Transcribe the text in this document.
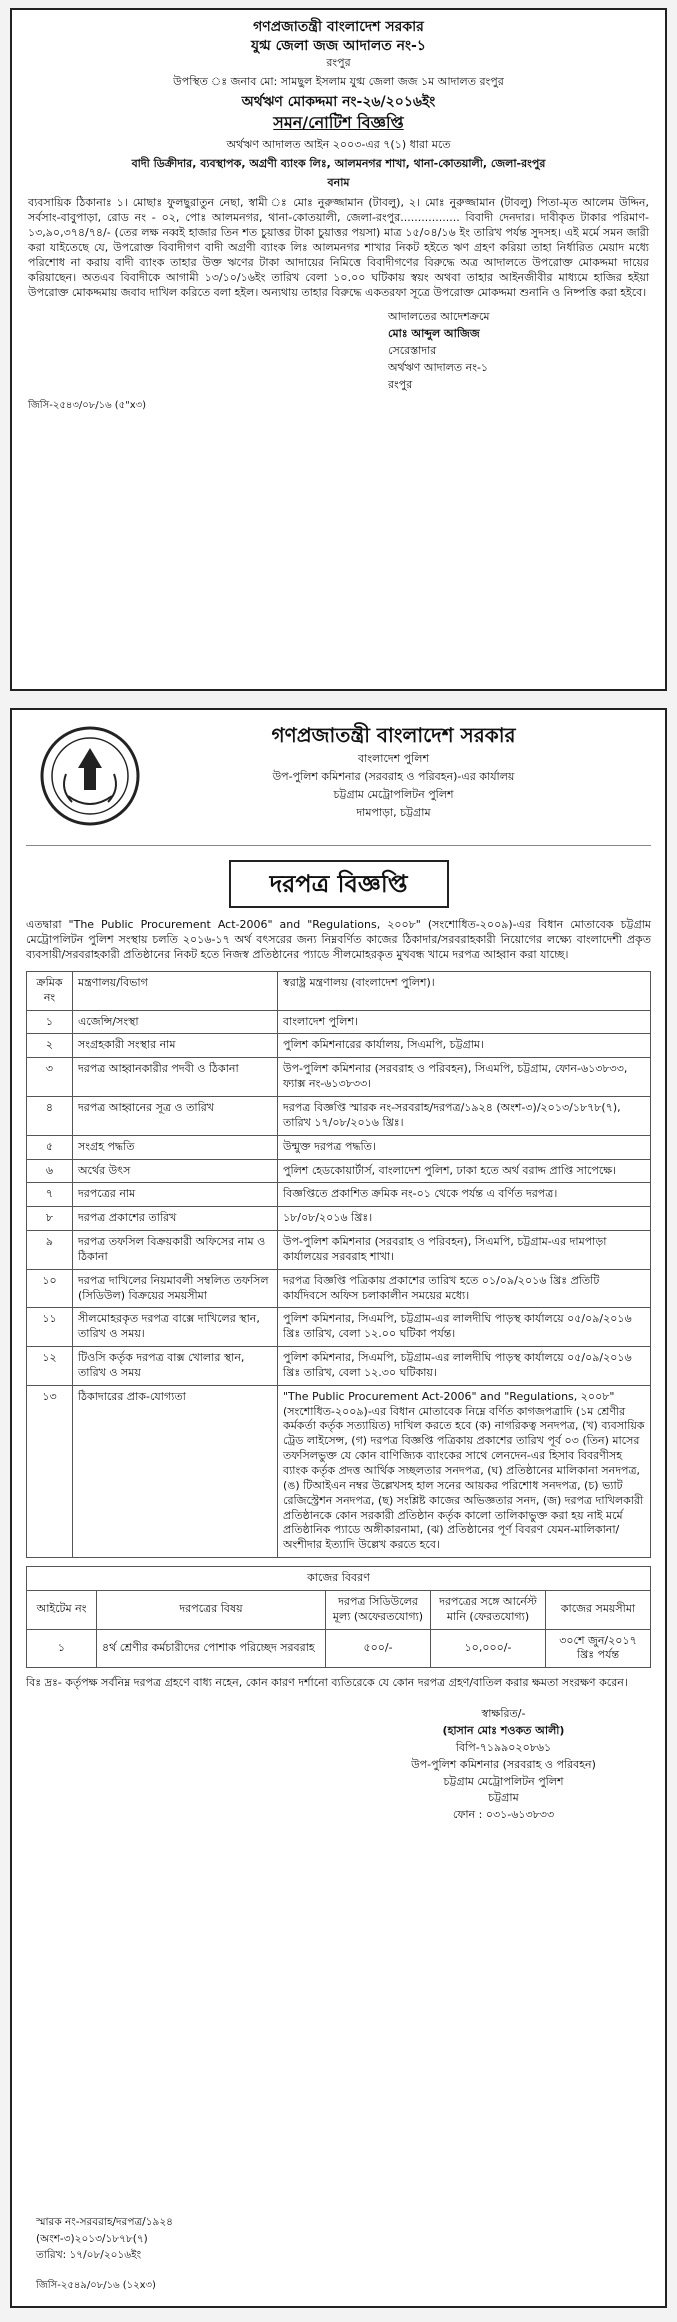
গণপ্রজাতন্ত্রী বাংলাদেশ সরকার
যুগ্ম জেলা জজ আদালত নং-১
রংপুর
উপস্থিত ঃ জনাব মো: সামছুল ইসলাম যুগ্ম জেলা জজ ১ম আদালত রংপুর
অর্থঋণ মোকদ্দমা নং-২৬/২০১৬ইং
সমন/নোটিশ বিজ্ঞপ্তি
অর্থঋণ আদালত আইন ২০০৩-এর ৭(১) ধারা মতে
বাদী ডিক্রীদার, ব্যবস্থাপক, অগ্রণী ব্যাংক লিঃ, আলমনগর শাখা, থানা-কোতয়ালী, জেলা-রংপুর
বনাম
ব্যবসায়িক ঠিকানাঃ ১। মোছাঃ ফুলছুরাতুন নেছা, স্বামী ঃ মোঃ নুরুজ্জামান (টাবলু), ২। মোঃ নুরুজ্জামান (টাবলু) পিতা-মৃত আলেম উদ্দিন, সর্বসাং-বাবুপাড়া, রোড নং - ০২, পোঃ আলমনগর, থানা-কোতয়ালী, জেলা-রংপুর................. বিবাদী দেনদার। দাবীকৃত টাকার পরিমাণ- ১৩,৯০,৩৭৪/৭৪/- (তের লক্ষ নব্বই হাজার তিন শত চুয়াত্তর টাকা চুয়াত্তর পয়সা) মাত্র ১৫/০৪/১৬ ইং তারিখ পর্যন্ত সুদসহ। এই মর্মে সমন জারী করা যাইতেছে যে, উপরোক্ত বিবাদীগণ বাদী অগ্রণী ব্যাংক লিঃ আলমনগর শাখার নিকট হইতে ঋণ গ্রহণ করিয়া তাহা নির্ধারিত মেয়াদ মধ্যে পরিশোধ না করায় বাদী ব্যাংক তাহার উক্ত ঋণের টাকা আদায়ের নিমিত্তে বিবাদীগণের বিরুদ্ধে অত্র আদালতে উপরোক্ত মোকদ্দমা দায়ের করিয়াছেন। অতএব বিবাদীকে আগামী ১৩/১০/১৬ইং তারিখ বেলা ১০.০০ ঘটিকায় স্বয়ং অথবা তাহার আইনজীবীর মাধ্যমে হাজির হইয়া উপরোক্ত মোকদ্দমায় জবাব দাখিল করিতে বলা হইল। অন্যথায় তাহার বিরুদ্ধে একতরফা সূত্রে উপরোক্ত মোকদ্দমা শুনানি ও নিষ্পত্তি করা হইবে।
আদালতের আদেশক্রমে
মোঃ আব্দুল আজিজ
সেরেস্তাদার
অর্থঋণ আদালত নং-১
রংপুর
জিসি-২৫৪৩/০৮/১৬ (৫"x৩)
গণপ্রজাতন্ত্রী বাংলাদেশ সরকার
বাংলাদেশ পুলিশ
উপ-পুলিশ কমিশনার (সরবরাহ ও পরিবহন)-এর কার্যালয়
চট্টগ্রাম মেট্রোপলিটন পুলিশ
দামপাড়া, চট্টগ্রাম
দরপত্র বিজ্ঞপ্তি
এতদ্বারা "The Public Procurement Act-2006" and "Regulations, ২০০৮" (সংশোধিত-২০০৯)-এর বিধান মোতাবেক চট্টগ্রাম মেট্রোপলিটন পুলিশ সংস্থায় চলতি ২০১৬-১৭ অর্থ বৎসরের জন্য নিম্নবর্ণিত কাজের ঠিকাদার/সরবরাহকারী নিয়োগের লক্ষ্যে বাংলাদেশী প্রকৃত ব্যবসায়ী/সরবরাহকারী প্রতিষ্ঠানের নিকট হতে নিজস্ব প্রতিষ্ঠানের প্যাডে সীলমোহরকৃত মুখবন্ধ খামে দরপত্র আহ্বান করা যাচ্ছে।
ক্রমিক নং	মন্ত্রণালয়/বিভাগ	স্বরাষ্ট্র মন্ত্রণালয় (বাংলাদেশ পুলিশ)।
১	এজেন্সি/সংস্থা	বাংলাদেশ পুলিশ।
২	সংগ্রহকারী সংস্থার নাম	পুলিশ কমিশনারের কার্যালয়, সিএমপি, চট্টগ্রাম।
৩	দরপত্র আহ্বানকারীর পদবী ও ঠিকানা	উপ-পুলিশ কমিশনার (সরবরাহ ও পরিবহন), সিএমপি, চট্টগ্রাম, ফোন-৬১৩৮৩৩, ফ্যাক্স নং-৬১৩৮৩৩।
৪	দরপত্র আহ্বানের সূত্র ও তারিখ	দরপত্র বিজ্ঞপ্তি স্মারক নং-সরবরাহ/দরপত্র/১৯২৪ (অংশ-৩)/২০১৩/১৮৭৮(৭), তারিখ ১৭/০৮/২০১৬ খ্রিঃ।
৫	সংগ্রহ পদ্ধতি	উন্মুক্ত দরপত্র পদ্ধতি।
৬	অর্থের উৎস	পুলিশ হেডকোয়ার্টার্স, বাংলাদেশ পুলিশ, ঢাকা হতে অর্থ বরাদ্দ প্রাপ্তি সাপেক্ষে।
৭	দরপত্রের নাম	বিজ্ঞপ্তিতে প্রকাশিত ক্রমিক নং-০১ থেকে পর্যন্ত এ বর্ণিত দরপত্র।
৮	দরপত্র প্রকাশের তারিখ	১৮/০৮/২০১৬ খ্রিঃ।
৯	দরপত্র তফসিল বিক্রয়কারী অফিসের নাম ও ঠিকানা	উপ-পুলিশ কমিশনার (সরবরাহ ও পরিবহন), সিএমপি, চট্টগ্রাম-এর দামপাড়া কার্যালয়ের সরবরাহ শাখা।
১০	দরপত্র দাখিলের নিয়মাবলী সম্বলিত তফসিল (সিডিউল) বিক্রয়ের সময়সীমা	দরপত্র বিজ্ঞপ্তি পত্রিকায় প্রকাশের তারিখ হতে ০১/০৯/২০১৬ খ্রিঃ প্রতিটি কার্যদিবসে অফিস চলাকালীন সময়ের মধ্যে।
১১	সীলমোহরকৃত দরপত্র বাক্সে দাখিলের স্থান, তারিখ ও সময়।	পুলিশ কমিশনার, সিএমপি, চট্টগ্রাম-এর লালদীঘি পাড়স্থ কার্যালয়ে ০৫/০৯/২০১৬ খ্রিঃ তারিখ, বেলা ১২.০০ ঘটিকা পর্যন্ত।
১২	টিওসি কর্তৃক দরপত্র বাক্স খোলার স্থান, তারিখ ও সময়	পুলিশ কমিশনার, সিএমপি, চট্টগ্রাম-এর লালদীঘি পাড়স্থ কার্যালয়ে ০৫/০৯/২০১৬ খ্রিঃ তারিখ, বেলা ১২.৩০ ঘটিকায়।
১৩	ঠিকাদারের প্রাক-যোগ্যতা	"The Public Procurement Act-2006" and "Regulations, ২০০৮" (সংশোধিত-২০০৯)-এর বিধান মোতাবেক নিম্নে বর্ণিত কাগজপত্রাদি (১ম শ্রেণীর কর্মকর্তা কর্তৃক সত্যায়িত) দাখিল করতে হবে (ক) নাগরিকত্ব সনদপত্র, (খ) ব্যবসায়িক ট্রেড লাইসেন্স, (গ) দরপত্র বিজ্ঞপ্তি পত্রিকায় প্রকাশের তারিখ পূর্ব ০৩ (তিন) মাসের তফসিলভুক্ত যে কোন বাণিজ্যিক ব্যাংকের সাথে লেনদেন-এর হিসাব বিবরণীসহ ব্যাংক কর্তৃক প্রদত্ত আর্থিক সচ্ছলতার সনদপত্র, (ঘ) প্রতিষ্ঠানের মালিকানা সনদপত্র, (ঙ) টিআইএন নম্বর উল্লেখসহ হাল সনের আয়কর পরিশোধ সনদপত্র, (চ) ভ্যাট রেজিস্ট্রেশন সনদপত্র, (ছ) সংশ্লিষ্ট কাজের অভিজ্ঞতার সনদ, (জ) দরপত্র দাখিলকারী প্রতিষ্ঠানকে কোন সরকারী প্রতিষ্ঠান কর্তৃক কালো তালিকাভুক্ত করা হয় নাই মর্মে প্রতিষ্ঠানিক প্যাডে অঙ্গীকারনামা, (ঝ) প্রতিষ্ঠানের পূর্ণ বিবরণ যেমন-মালিকানা/অংশীদার ইত্যাদি উল্লেখ করতে হবে।
কাজের বিবরণ				
আইটেম নং	দরপত্রের বিষয়	দরপত্র সিডিউলের মূল্য (অফেরতযোগ্য)	দরপত্রের সঙ্গে আর্নেস্ট মানি (ফেরতযোগ্য)	কাজের সময়সীমা
১	৪র্থ শ্রেণীর কর্মচারীদের পোশাক পরিচ্ছেদ সরবরাহ	৫০০/-	১০,০০০/-	৩০শে জুন/২০১৭ খ্রিঃ পর্যন্ত
বিঃ দ্রঃ- কর্তৃপক্ষ সর্বনিম্ন দরপত্র গ্রহণে বাধ্য নহেন, কোন কারণ দর্শানো ব্যতিরেকে যে কোন দরপত্র গ্রহণ/বাতিল করার ক্ষমতা সংরক্ষণ করেন।
স্বাক্ষরিত/-
(হাসান মোঃ শওকত আলী)
বিপি-৭১৯৯০২০৮৬১
উপ-পুলিশ কমিশনার (সরবরাহ ও পরিবহন)
চট্টগ্রাম মেট্রোপলিটন পুলিশ
চট্টগ্রাম
ফোন : ০৩১-৬১৩৮৩৩
স্মারক নং-সরবরাহ/দরপত্র/১৯২৪
(অংশ-৩)২০১৩/১৮৭৮(৭)
তারিখ: ১৭/০৮/২০১৬ইং
জিসি-২৫৪৯/০৮/১৬ (১২x৩)
